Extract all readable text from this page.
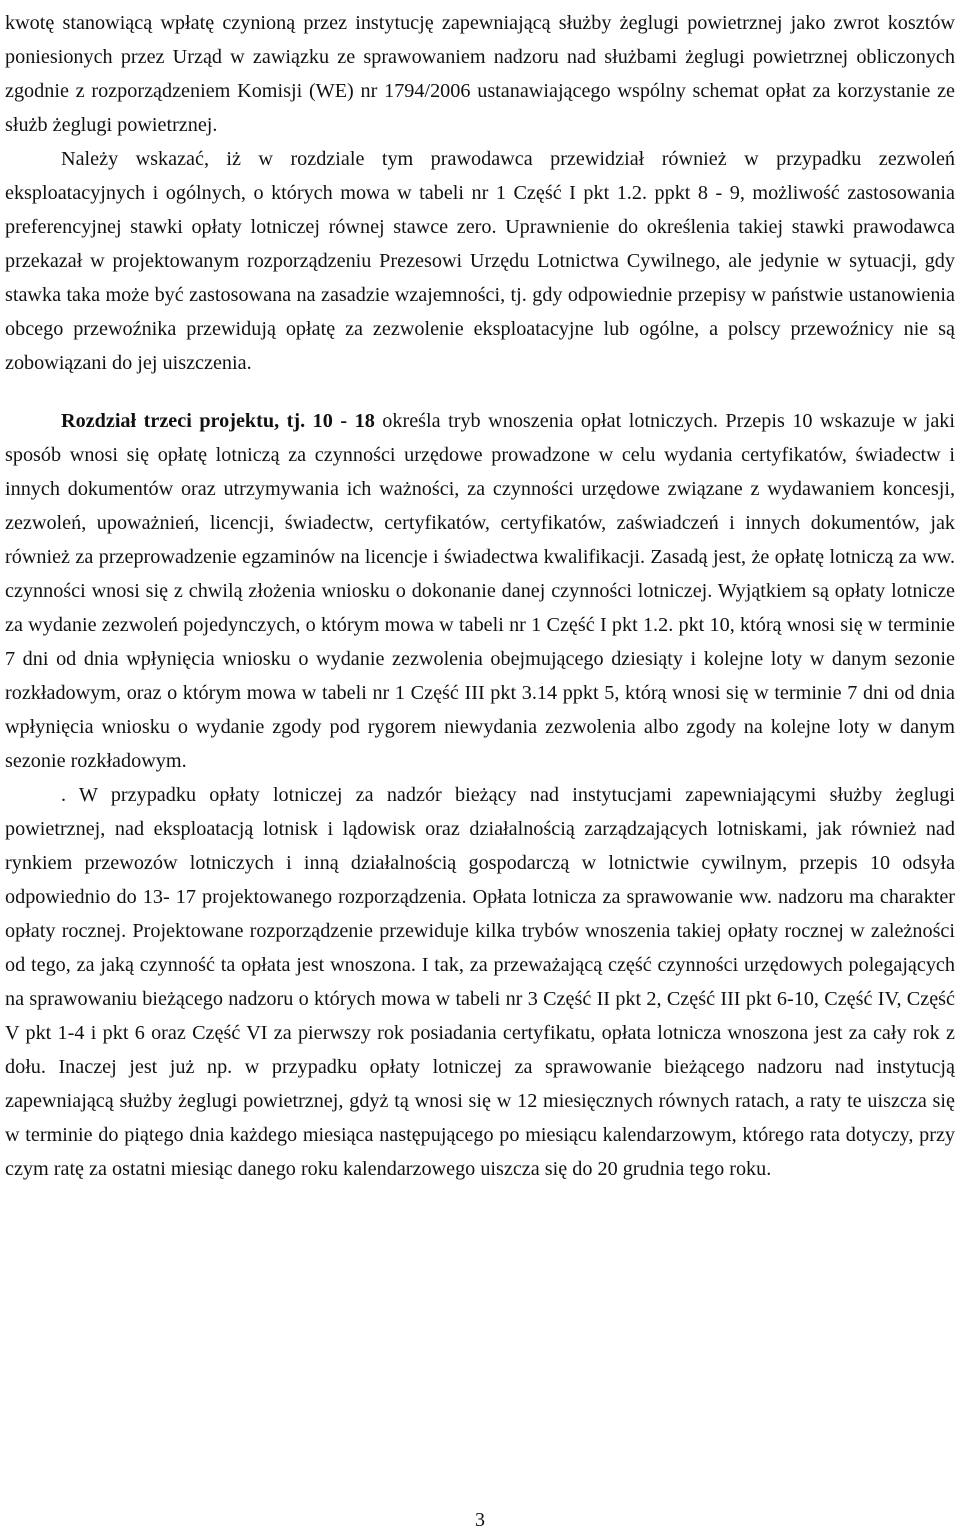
kwotę stanowiącą wpłatę czynioną przez instytucję zapewniającą służby żeglugi powietrznej jako zwrot kosztów poniesionych przez Urząd w zawiązku ze sprawowaniem nadzoru nad służbami żeglugi powietrznej obliczonych zgodnie z rozporządzeniem Komisji (WE) nr 1794/2006 ustanawiającego wspólny schemat opłat za korzystanie ze służb żeglugi powietrznej.

Należy wskazać, iż w rozdziale tym prawodawca przewidział również w przypadku zezwoleń eksploatacyjnych i ogólnych, o których mowa w tabeli nr 1 Część I pkt 1.2. ppkt 8 - 9, możliwość zastosowania preferencyjnej stawki opłaty lotniczej równej stawce zero. Uprawnienie do określenia takiej stawki prawodawca przekazał w projektowanym rozporządzeniu Prezesowi Urzędu Lotnictwa Cywilnego, ale jedynie w sytuacji, gdy stawka taka może być zastosowana na zasadzie wzajemności, tj. gdy odpowiednie przepisy w państwie ustanowienia obcego przewoźnika przewidują opłatę za zezwolenie eksploatacyjne lub ogólne, a polscy przewoźnicy nie są zobowiązani do jej uiszczenia.

Rozdział trzeci projektu, tj. 10 - 18 określa tryb wnoszenia opłat lotniczych. Przepis 10 wskazuje w jaki sposób wnosi się opłatę lotniczą za czynności urzędowe prowadzone w celu wydania certyfikatów, świadectw i innych dokumentów oraz utrzymywania ich ważności, za czynności urzędowe związane z wydawaniem koncesji, zezwoleń, upoważnień, licencji, świadectw, certyfikatów, certyfikatów, zaświadczeń i innych dokumentów, jak również za przeprowadzenie egzaminów na licencje i świadectwa kwalifikacji. Zasadą jest, że opłatę lotniczą za ww. czynności wnosi się z chwilą złożenia wniosku o dokonanie danej czynności lotniczej. Wyjątkiem są opłaty lotnicze za wydanie zezwoleń pojedynczych, o którym mowa w tabeli nr 1 Część I pkt 1.2. pkt 10, którą wnosi się w terminie 7 dni od dnia wpłynięcia wniosku o wydanie zezwolenia obejmującego dziesiąty i kolejne loty w danym sezonie rozkładowym, oraz o którym mowa w tabeli nr 1 Część III pkt 3.14 ppkt 5, którą wnosi się w terminie 7 dni od dnia wpłynięcia wniosku o wydanie zgody pod rygorem niewydania zezwolenia albo zgody na kolejne loty w danym sezonie rozkładowym.

. W przypadku opłaty lotniczej za nadzór bieżący nad instytucjami zapewniającymi służby żeglugi powietrznej, nad eksploatacją lotnisk i lądowisk oraz działalnością zarządzających lotniskami, jak również nad rynkiem przewozów lotniczych i inną działalnością gospodarczą w lotnictwie cywilnym, przepis 10 odsyła odpowiednio do 13- 17 projektowanego rozporządzenia. Opłata lotnicza za sprawowanie ww. nadzoru ma charakter opłaty rocznej. Projektowane rozporządzenie przewiduje kilka trybów wnoszenia takiej opłaty rocznej w zależności od tego, za jaką czynność ta opłata jest wnoszona. I tak, za przeważającą część czynności urzędowych polegających na sprawowaniu bieżącego nadzoru o których mowa w tabeli nr 3 Część II pkt 2, Część III pkt 6-10, Część IV, Część V pkt 1-4 i pkt 6 oraz Część VI za pierwszy rok posiadania certyfikatu, opłata lotnicza wnoszona jest za cały rok z dołu. Inaczej jest już np. w przypadku opłaty lotniczej za sprawowanie bieżącego nadzoru nad instytucją zapewniającą służby żeglugi powietrznej, gdyż tą wnosi się w 12 miesięcznych równych ratach, a raty te uiszcza się w terminie do piątego dnia każdego miesiąca następującego po miesiącu kalendarzowym, którego rata dotyczy, przy czym ratę za ostatni miesiąc danego roku kalendarzowego uiszcza się do 20 grudnia tego roku.

3
